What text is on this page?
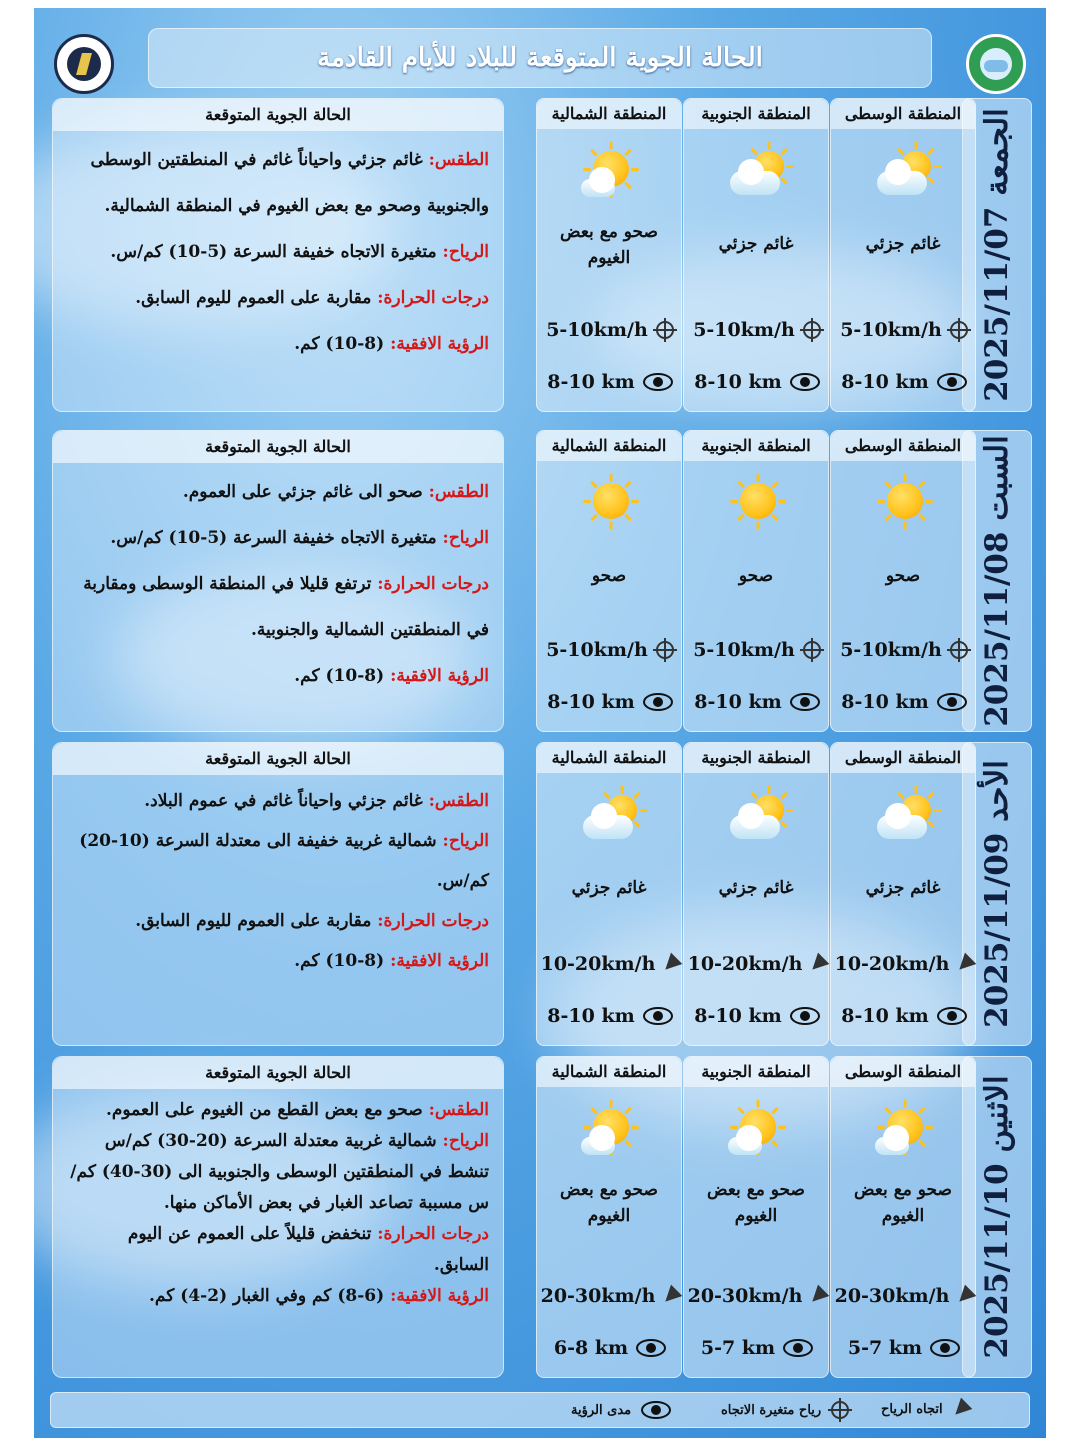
الحالة الجوية المتوقعة للبلاد للأيام القادمة
الجمعة 2025/11/07
المنطقة الوسطى
غائم جزئي
5-10km/h
8-10 km
المنطقة الجنوبية
غائم جزئي
5-10km/h
8-10 km
المنطقة الشمالية
صحو مع بعض الغيوم
5-10km/h
8-10 km
الحالة الجوية المتوقعة

الطقس: غائم جزئي واحياناً غائم في المنطقتين الوسطى والجنوبية وصحو مع بعض الغيوم في المنطقة الشمالية.

الرياح: متغيرة الاتجاه خفيفة السرعة (5-10) كم/س.

درجات الحرارة: مقاربة على العموم لليوم السابق.

الرؤية الافقية: (8-10) كم.

السبت 2025/11/08
المنطقة الوسطى
صحو
5-10km/h
8-10 km
المنطقة الجنوبية
صحو
5-10km/h
8-10 km
المنطقة الشمالية
صحو
5-10km/h
8-10 km
الحالة الجوية المتوقعة

الطقس: صحو الى غائم جزئي على العموم.

الرياح: متغيرة الاتجاه خفيفة السرعة (5-10) كم/س.

درجات الحرارة: ترتفع قليلا في المنطقة الوسطى ومقاربة في المنطقتين الشمالية والجنوبية.

الرؤية الافقية: (8-10) كم.

الأحد 2025/11/09
المنطقة الوسطى
غائم جزئي
10-20km/h
8-10 km
المنطقة الجنوبية
غائم جزئي
10-20km/h
8-10 km
المنطقة الشمالية
غائم جزئي
10-20km/h
8-10 km
الحالة الجوية المتوقعة

الطقس: غائم جزئي واحياناً غائم في عموم البلاد.

الرياح: شمالية غربية خفيفة الى معتدلة السرعة (10-20) كم/س.

درجات الحرارة: مقاربة على العموم لليوم السابق.

الرؤية الافقية: (8-10) كم.

الاثنين 2025/11/10
المنطقة الوسطى
صحو مع بعض الغيوم
20-30km/h
5-7 km
المنطقة الجنوبية
صحو مع بعض الغيوم
20-30km/h
5-7 km
المنطقة الشمالية
صحو مع بعض الغيوم
20-30km/h
6-8 km
الحالة الجوية المتوقعة

الطقس: صحو مع بعض القطع من الغيوم على العموم.

الرياح: شمالية غربية معتدلة السرعة (20-30) كم/س تنشط في المنطقتين الوسطى والجنوبية الى (30-40) كم/س مسببة تصاعد الغبار في بعض الأماكن منها.

درجات الحرارة: تنخفض قليلاً على العموم عن اليوم السابق.

الرؤية الافقية: (6-8) كم وفي الغبار (2-4) كم.

اتجاه الرياح
رياح متغيرة الاتجاه
مدى الرؤية
